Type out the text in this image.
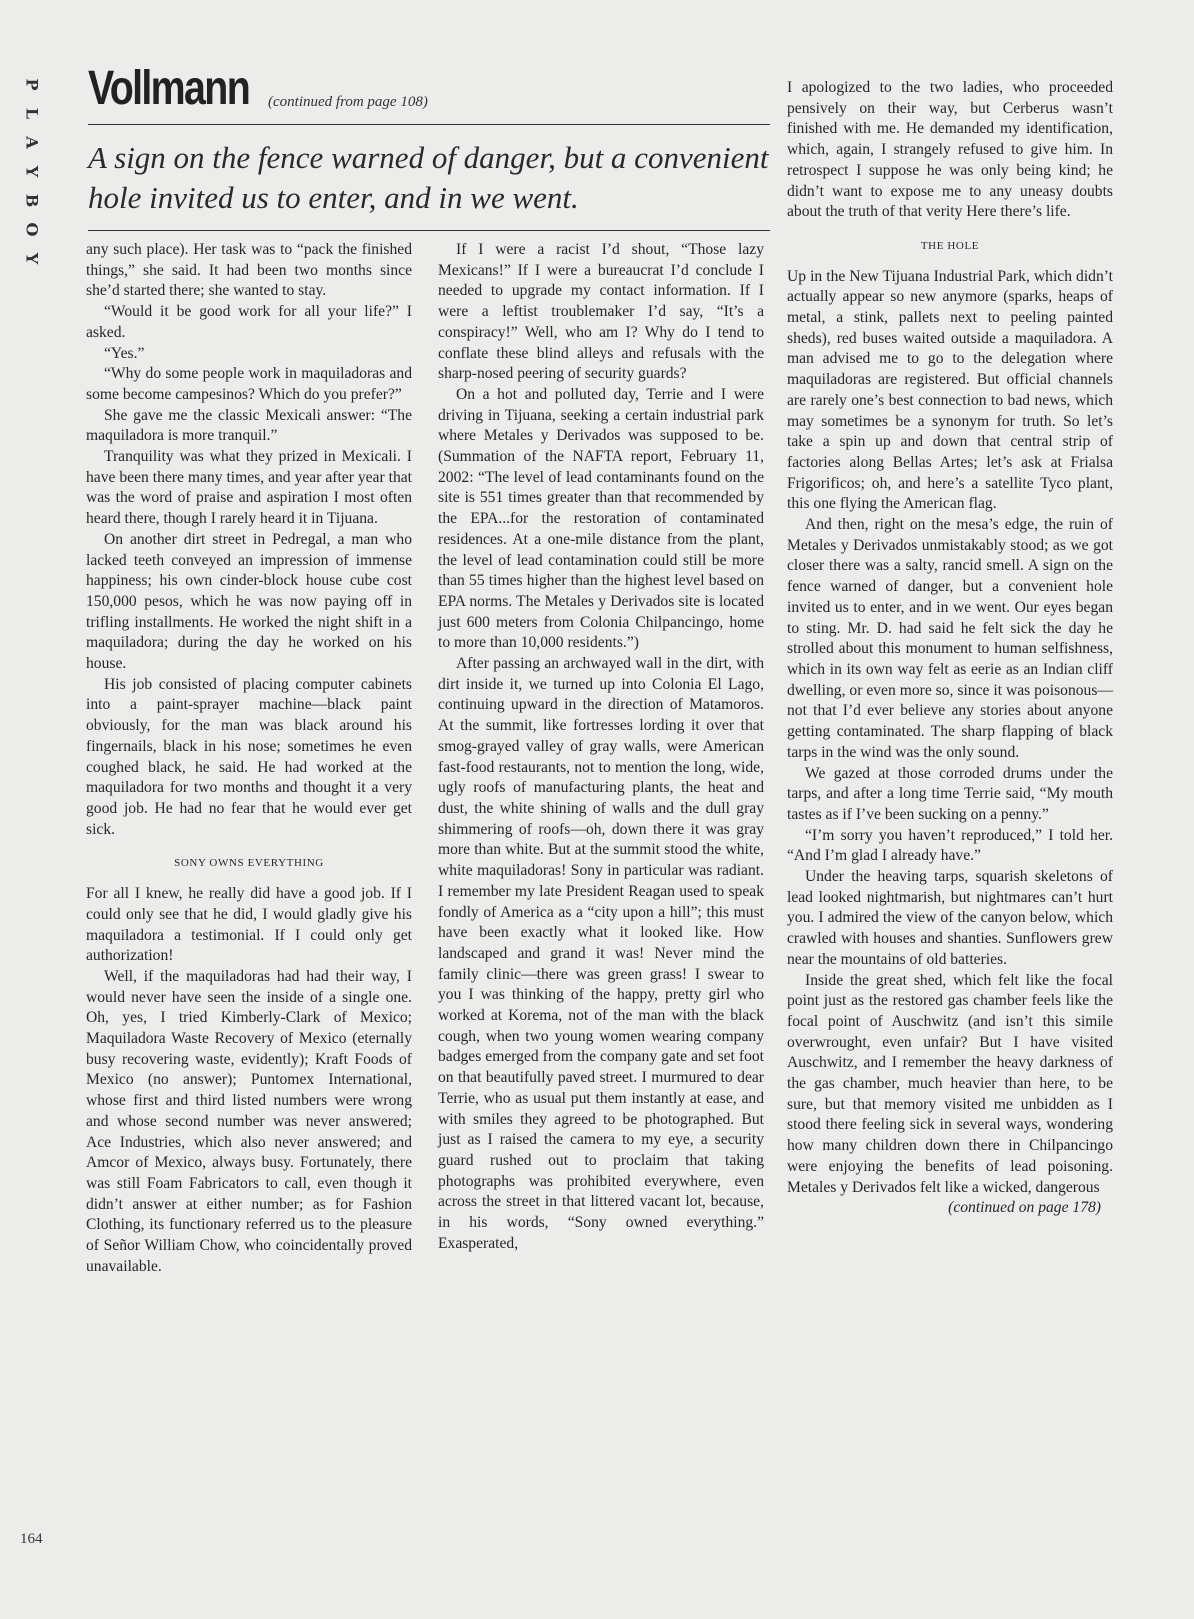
P
L
A
Y
B
O
Y
Vollmann (continued from page 108)

A sign on the fence warned of danger, but a convenient hole invited us to enter, and in we went.

any such place). Her task was to “pack the finished things,” she said. It had been two months since she’d started there; she wanted to stay.

“Would it be good work for all your life?” I asked.

“Yes.”

“Why do some people work in maquiladoras and some become campesinos? Which do you prefer?”

She gave me the classic Mexicali answer: “The maquiladora is more tranquil.”

Tranquility was what they prized in Mexicali. I have been there many times, and year after year that was the word of praise and aspiration I most often heard there, though I rarely heard it in Tijuana.

On another dirt street in Pedregal, a man who lacked teeth conveyed an impression of immense happiness; his own cinder-block house cube cost 150,000 pesos, which he was now paying off in trifling installments. He worked the night shift in a maquiladora; during the day he worked on his house.

His job consisted of placing computer cabinets into a paint-sprayer machine—black paint obviously, for the man was black around his fingernails, black in his nose; sometimes he even coughed black, he said. He had worked at the maquiladora for two months and thought it a very good job. He had no fear that he would ever get sick.

SONY OWNS EVERYTHING

For all I knew, he really did have a good job. If I could only see that he did, I would gladly give his maquiladora a testimonial. If I could only get authorization!

Well, if the maquiladoras had had their way, I would never have seen the inside of a single one. Oh, yes, I tried Kimberly-Clark of Mexico; Maquiladora Waste Recovery of Mexico (eternally busy recovering waste, evidently); Kraft Foods of Mexico (no answer); Puntomex International, whose first and third listed numbers were wrong and whose second number was never answered; Ace Industries, which also never answered; and Amcor of Mexico, always busy. Fortunately, there was still Foam Fabricators to call, even though it didn’t answer at either number; as for Fashion Clothing, its functionary referred us to the pleasure of Señor William Chow, who coincidentally proved unavailable.

If I were a racist I’d shout, “Those lazy Mexicans!” If I were a bureaucrat I’d conclude I needed to upgrade my contact information. If I were a leftist troublemaker I’d say, “It’s a conspiracy!” Well, who am I? Why do I tend to conflate these blind alleys and refusals with the sharp-nosed peering of security guards?

On a hot and polluted day, Terrie and I were driving in Tijuana, seeking a certain industrial park where Metales y Derivados was supposed to be. (Summation of the NAFTA report, February 11, 2002: “The level of lead contaminants found on the site is 551 times greater than that recommended by the EPA...for the restoration of contaminated residences. At a one-mile distance from the plant, the level of lead contamination could still be more than 55 times higher than the highest level based on EPA norms. The Metales y Derivados site is located just 600 meters from Colonia Chilpancingo, home to more than 10,000 residents.”)

After passing an archwayed wall in the dirt, with dirt inside it, we turned up into Colonia El Lago, continuing upward in the direction of Matamoros. At the summit, like fortresses lording it over that smog-grayed valley of gray walls, were American fast-food restaurants, not to mention the long, wide, ugly roofs of manufacturing plants, the heat and dust, the white shining of walls and the dull gray shimmering of roofs—oh, down there it was gray more than white. But at the summit stood the white, white maquiladoras! Sony in particular was radiant. I remember my late President Reagan used to speak fondly of America as a “city upon a hill”; this must have been exactly what it looked like. How landscaped and grand it was! Never mind the family clinic—there was green grass! I swear to you I was thinking of the happy, pretty girl who worked at Korema, not of the man with the black cough, when two young women wearing company badges emerged from the company gate and set foot on that beautifully paved street. I murmured to dear Terrie, who as usual put them instantly at ease, and with smiles they agreed to be photographed. But just as I raised the camera to my eye, a security guard rushed out to proclaim that taking photographs was prohibited everywhere, even across the street in that littered vacant lot, because, in his words, “Sony owned everything.” Exasperated,

I apologized to the two ladies, who proceeded pensively on their way, but Cerberus wasn’t finished with me. He demanded my identification, which, again, I strangely refused to give him. In retrospect I suppose he was only being kind; he didn’t want to expose me to any uneasy doubts about the truth of that verity Here there’s life.

THE HOLE

Up in the New Tijuana Industrial Park, which didn’t actually appear so new anymore (sparks, heaps of metal, a stink, pallets next to peeling painted sheds), red buses waited outside a maquiladora. A man advised me to go to the delegation where maquiladoras are registered. But official channels are rarely one’s best connection to bad news, which may sometimes be a synonym for truth. So let’s take a spin up and down that central strip of factories along Bellas Artes; let’s ask at Frialsa Frigorificos; oh, and here’s a satellite Tyco plant, this one flying the American flag.

And then, right on the mesa’s edge, the ruin of Metales y Derivados unmistakably stood; as we got closer there was a salty, rancid smell. A sign on the fence warned of danger, but a convenient hole invited us to enter, and in we went. Our eyes began to sting. Mr. D. had said he felt sick the day he strolled about this monument to human selfishness, which in its own way felt as eerie as an Indian cliff dwelling, or even more so, since it was poisonous—not that I’d ever believe any stories about anyone getting contaminated. The sharp flapping of black tarps in the wind was the only sound.

We gazed at those corroded drums under the tarps, and after a long time Terrie said, “My mouth tastes as if I’ve been sucking on a penny.”

“I’m sorry you haven’t reproduced,” I told her. “And I’m glad I already have.”

Under the heaving tarps, squarish skeletons of lead looked nightmarish, but nightmares can’t hurt you. I admired the view of the canyon below, which crawled with houses and shanties. Sunflowers grew near the mountains of old batteries.

Inside the great shed, which felt like the focal point just as the restored gas chamber feels like the focal point of Auschwitz (and isn’t this simile overwrought, even unfair? But I have visited Auschwitz, and I remember the heavy darkness of the gas chamber, much heavier than here, to be sure, but that memory visited me unbidden as I stood there feeling sick in several ways, wondering how many children down there in Chilpancingo were enjoying the benefits of lead poisoning. Metales y Derivados felt like a wicked, dangerous

(continued on page 178)

164
